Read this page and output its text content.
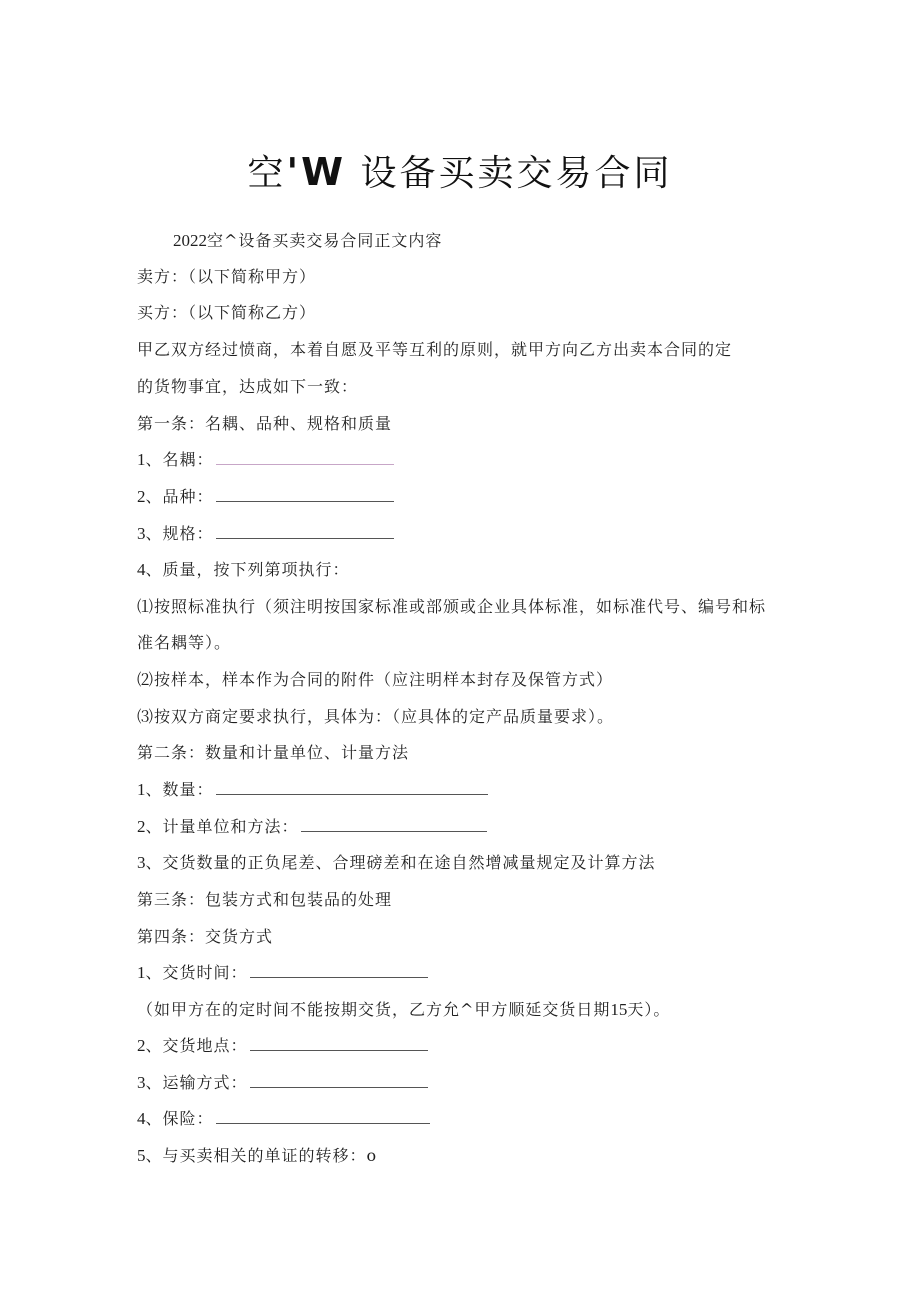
空'W 设备买卖交易合同
2022空^设备买卖交易合同正文内容
卖方：（以下简称甲方）
买方：（以下简称乙方）
甲乙双方经过愤商，本着自愿及平等互利的原则，就甲方向乙方出卖本合同的定
的货物事宜，达成如下一致：
第一条：名耦、品种、规格和质量
1、名耦：
2、品种：
3、规格：
4、质量，按下列第项执行：
⑴按照标准执行（须注明按国家标准或部颁或企业具体标准，如标准代号、编号和标
准名耦等）。
⑵按样本，样本作为合同的附件（应注明样本封存及保管方式）
⑶按双方商定要求执行，具体为：（应具体的定产品质量要求）。
第二条：数量和计量单位、计量方法
1、数量：
2、计量单位和方法：
3、交货数量的正负尾差、合理磅差和在途自然增减量规定及计算方法
第三条：包装方式和包装品的处理
第四条：交货方式
1、交货时间：
（如甲方在的定时间不能按期交货，乙方允^甲方顺延交货日期15天）。
2、交货地点：
3、运输方式：
4、保险：
5、与买卖相关的单证的转移：o
